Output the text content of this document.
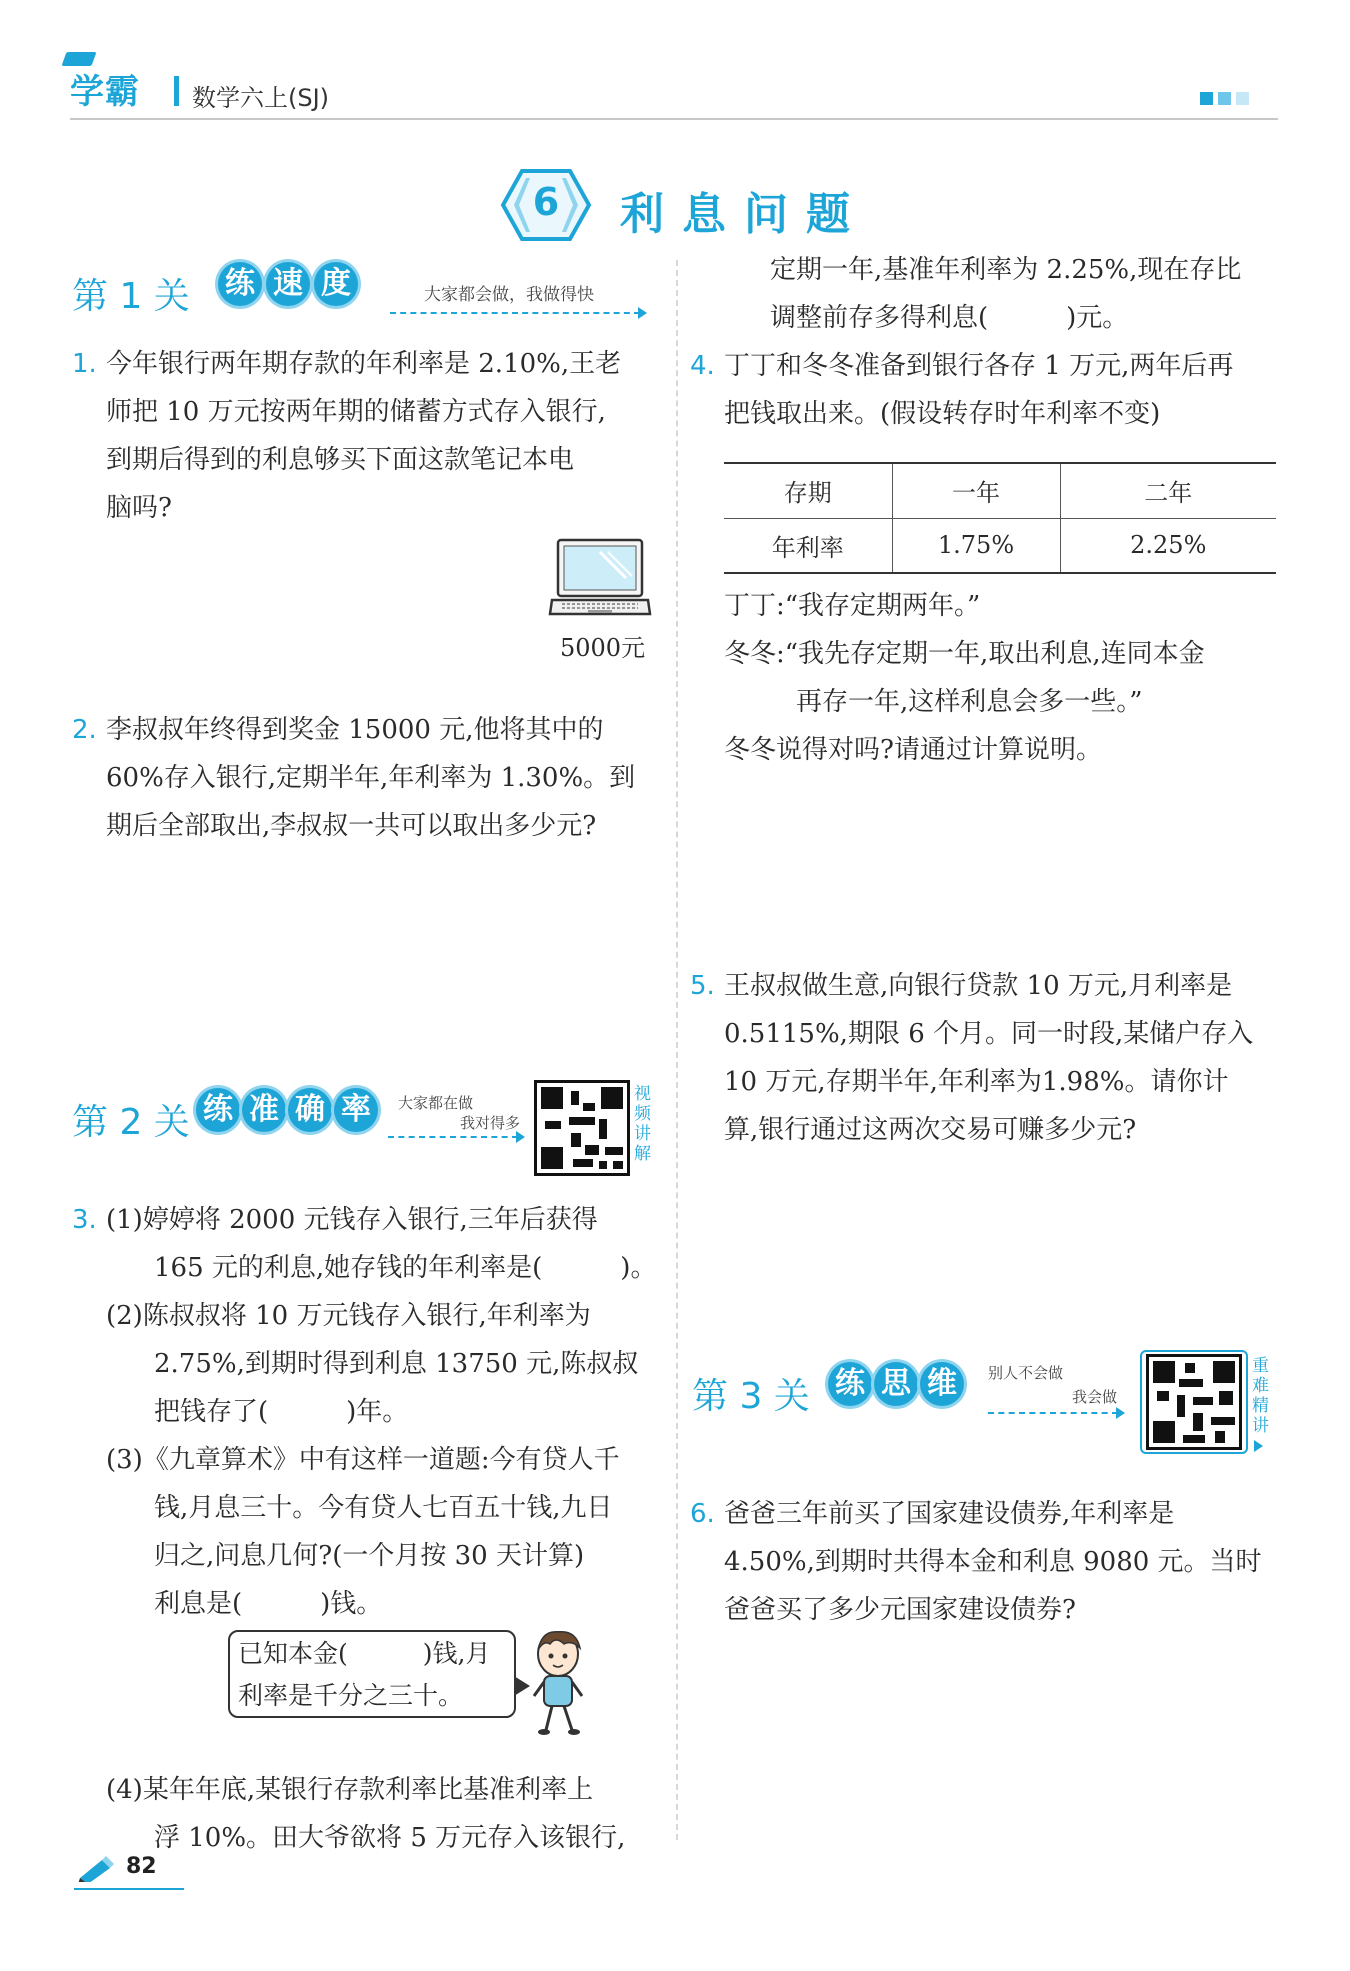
学霸 数学六上(SJ)
6	利息问题
第 1 关 练 速 度	大家都会做，我做得快
1. 今年银行两年期存款的年利率是 2.10%,王老
师把 10 万元按两年期的储蓄方式存入银行,
到期后得到的利息够买下面这款笔记本电
脑吗?
5000元
2. 李叔叔年终得到奖金 15000 元,他将其中的
60%存入银行,定期半年,年利率为 1.30%。到
期后全部取出,李叔叔一共可以取出多少元?
第 2 关 练 准 确 率	大家都在做
我对得多
视
频
讲
解
3. (1)婷婷将 2000 元钱存入银行,三年后获得
165 元的利息,她存钱的年利率是(　　　)。
(2)陈叔叔将 10 万元钱存入银行,年利率为
2.75%,到期时得到利息 13750 元,陈叔叔
把钱存了(　　　)年。
(3)《九章算术》中有这样一道题:今有贷人千
钱,月息三十。今有贷人七百五十钱,九日
归之,问息几何?(一个月按 30 天计算)
利息是(　　　)钱。
已知本金(　　　)钱,月
利率是千分之三十。
(4)某年年底,某银行存款利率比基准利率上
浮 10%。田大爷欲将 5 万元存入该银行,
定期一年,基准年利率为 2.25%,现在存比
调整前存多得利息(　　　)元。
4. 丁丁和冬冬准备到银行各存 1 万元,两年后再
把钱取出来。(假设转存时年利率不变)
存期	一年	二年
年利率	1.75%	2.25%
丁丁:“我存定期两年。”
冬冬:“我先存定期一年,取出利息,连同本金
再存一年,这样利息会多一些。”
冬冬说得对吗?请通过计算说明。
5. 王叔叔做生意,向银行贷款 10 万元,月利率是
0.5115%,期限 6 个月。同一时段,某储户存入
10 万元,存期半年,年利率为1.98%。请你计
算,银行通过这两次交易可赚多少元?
第 3 关 练 思 维	别人不会做
我会做
重
难
精
讲
6. 爸爸三年前买了国家建设债券,年利率是
4.50%,到期时共得本金和利息 9080 元。当时
爸爸买了多少元国家建设债券?
82
